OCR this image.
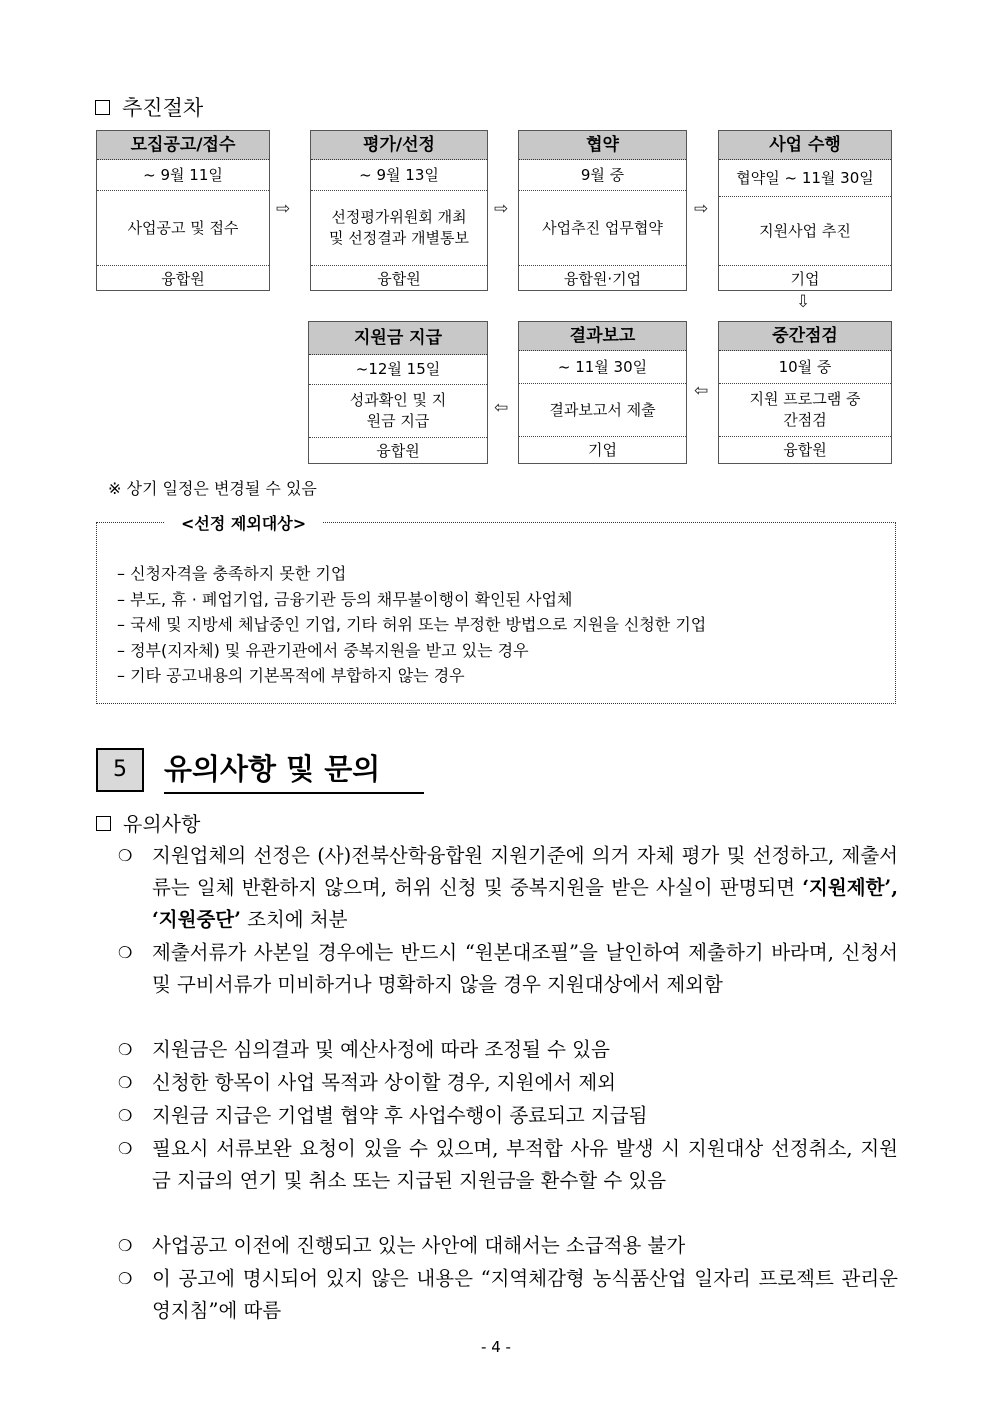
추진절차
모집공고/접수
~ 9월 11일
사업공고 및 접수
융합원
⇨
평가/선정
~ 9월 13일
선정평가위원회 개최 및 선정결과 개별통보
융합원
⇨
협약
9월 중
사업추진 업무협약
융합원·기업
⇨
사업 수행
협약일 ~ 11월 30일
지원사업 추진
기업
⇩
중간점검
10월 중
지원 프로그램 중간점검
융합원
⇦
결과보고
~ 11월 30일
결과보고서 제출
기업
⇦
지원금 지급
~12월 15일
성과확인 및 지원금 지급
융합원
※ 상기 일정은 변경될 수 있음
<선정 제외대상>
– 신청자격을 충족하지 못한 기업
– 부도, 휴 · 폐업기업, 금융기관 등의 채무불이행이 확인된 사업체
– 국세 및 지방세 체납중인 기업, 기타 허위 또는 부정한 방법으로 지원을 신청한 기업
– 정부(지자체) 및 유관기관에서 중복지원을 받고 있는 경우
– 기타 공고내용의 기본목적에 부합하지 않는 경우
5	유의사항 및 문의
유의사항
❍ 지원업체의 선정은 (사)전북산학융합원 지원기준에 의거 자체 평가 및 선정하고, 제출서류는 일체 반환하지 않으며, 허위 신청 및 중복지원을 받은 사실이 판명되면 ‘지원제한’, ‘지원중단’ 조치에 처분
❍ 제출서류가 사본일 경우에는 반드시 “원본대조필”을 날인하여 제출하기 바라며, 신청서 및 구비서류가 미비하거나 명확하지 않을 경우 지원대상에서 제외함
❍ 지원금은 심의결과 및 예산사정에 따라 조정될 수 있음
❍ 신청한 항목이 사업 목적과 상이할 경우, 지원에서 제외
❍ 지원금 지급은 기업별 협약 후 사업수행이 종료되고 지급됨
❍ 필요시 서류보완 요청이 있을 수 있으며, 부적합 사유 발생 시 지원대상 선정취소, 지원금 지급의 연기 및 취소 또는 지급된 지원금을 환수할 수 있음
❍ 사업공고 이전에 진행되고 있는 사안에 대해서는 소급적용 불가
❍ 이 공고에 명시되어 있지 않은 내용은 “지역체감형 농식품산업 일자리 프로젝트 관리운영지침”에 따름
- 4 -
